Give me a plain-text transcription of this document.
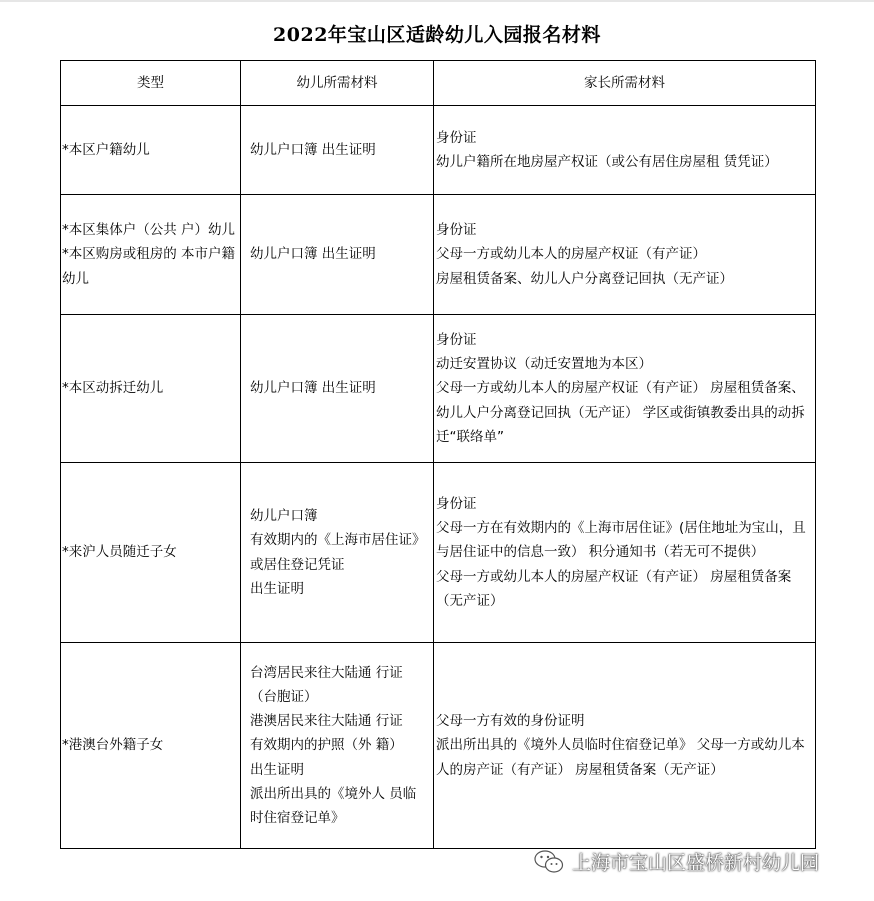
2022年宝山区适龄幼儿入园报名材料
类型	幼儿所需材料	家长所需材料

*本区户籍幼儿	幼儿户口簿 出生证明	身份证
幼儿户籍所在地房屋产权证（或公有居住房屋租 赁凭证）

*本区集体户（公共 户）幼儿
*本区购房或租房的 本市户籍幼儿	幼儿户口簿 出生证明	身份证
父母一方或幼儿本人的房屋产权证（有产证）
房屋租赁备案、幼儿人户分离登记回执（无产证）

*本区动拆迁幼儿	幼儿户口簿 出生证明	身份证
动迁安置协议（动迁安置地为本区）
父母一方或幼儿本人的房屋产权证（有产证） 房屋租赁备案、幼儿人户分离登记回执（无产证） 学区或街镇教委出具的动拆迁“联络单”

*来沪人员随迁子女	幼儿户口簿
有效期内的《上海市居住证》
或居住登记凭证
出生证明	身份证
父母一方在有效期内的《上海市居住证》(居住地址为宝山，且与居住证中的信息一致） 积分通知书（若无可不提供）
父母一方或幼儿本人的房屋产权证（有产证） 房屋租赁备案（无产证）

*港澳台外籍子女	台湾居民来往大陆通 行证（台胞证）
港澳居民来往大陆通 行证
有效期内的护照（外 籍）
出生证明
派出所出具的《境外人 员临时住宿登记单》	父母一方有效的身份证明
派出所出具的《境外人员临时住宿登记单》 父母一方或幼儿本人的房产证（有产证） 房屋租赁备案（无产证）
上海市宝山区盛桥新村幼儿园
